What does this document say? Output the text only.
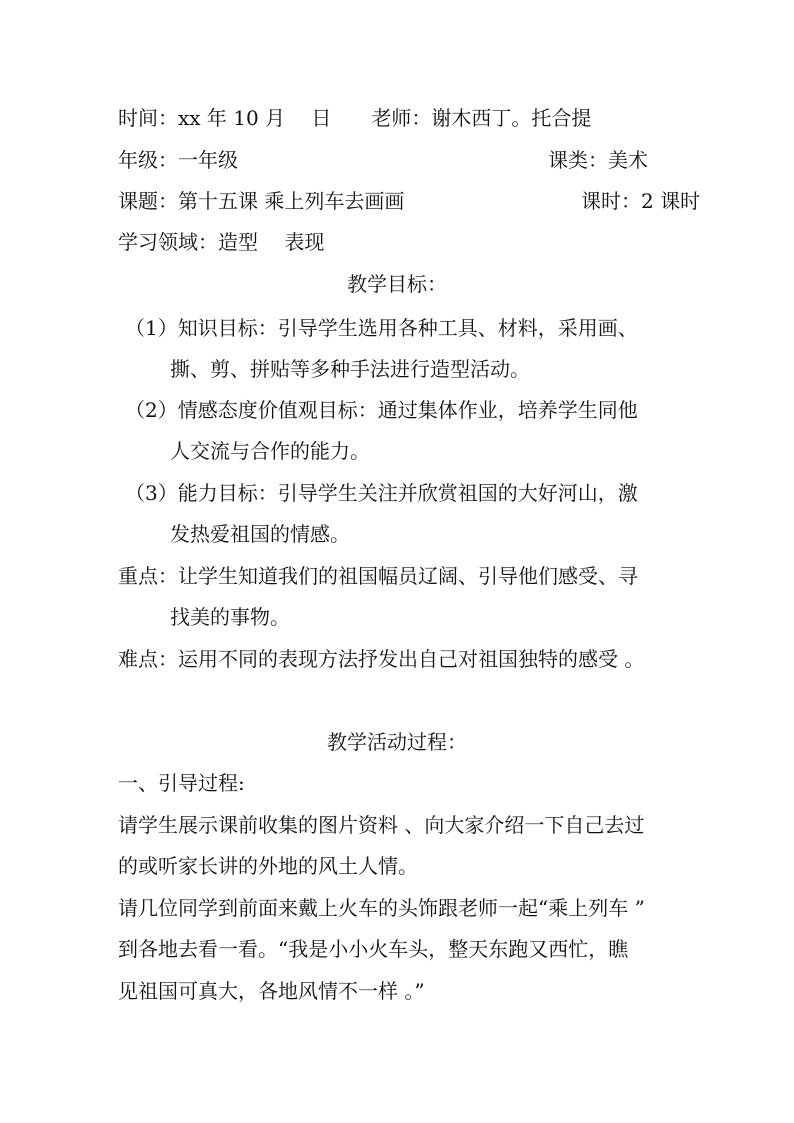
时间：xx 年 10 月　 日　　老师：谢木西丁。托合提
年级：一年级	课类：美术
课题：第十五课 乘上列车去画画	课时：2 课时
学习领域：造型　 表现
教学目标：
（1）知识目标：引导学生选用各种工具、材料，采用画、
撕、剪、拼贴等多种手法进行造型活动。
（2）情感态度价值观目标：通过集体作业，培养学生同他
人交流与合作的能力。
（3）能力目标：引导学生关注并欣赏祖国的大好河山，激
发热爱祖国的情感。
重点：让学生知道我们的祖国幅员辽阔、引导他们感受、寻
找美的事物。
难点：运用不同的表现方法抒发出自己对祖国独特的感受 。
教学活动过程：
一、引导过程:
请学生展示课前收集的图片资料 、向大家介绍一下自己去过
的或听家长讲的外地的风土人情。
请几位同学到前面来戴上火车的头饰跟老师一起“乘上列车 ”
到各地去看一看。“我是小小火车头，整天东跑又西忙，瞧
见祖国可真大，各地风情不一样 。”
